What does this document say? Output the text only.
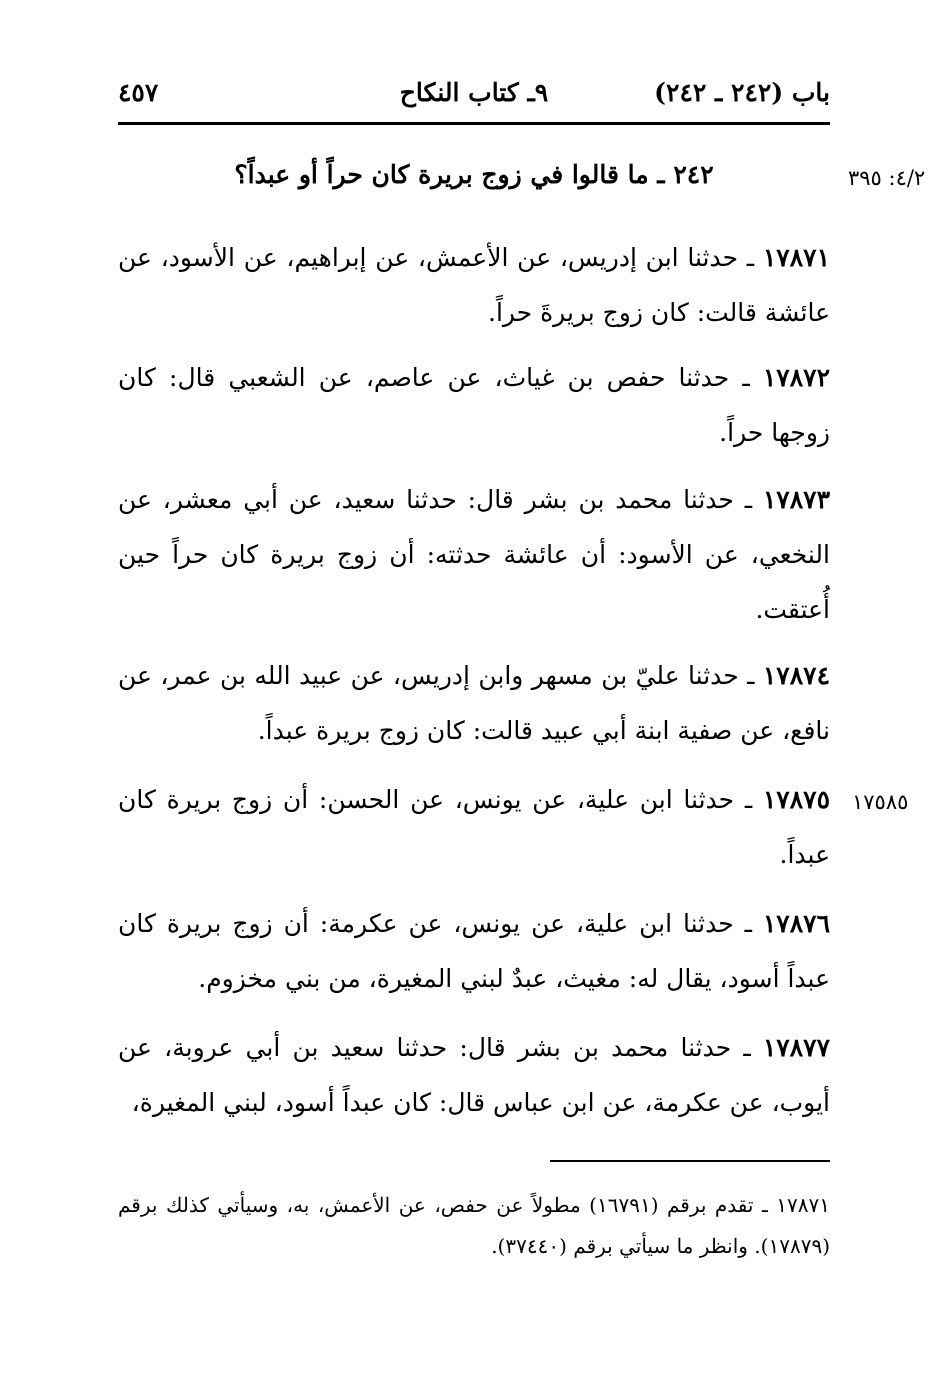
باب (٢٤٢ ـ ٢٤٢)
٩ـ كتاب النكاح
٤٥٧
٤/٢: ٣٩٥
٢٤٢ ـ ما قالوا في زوج بريرة كان حراً أو عبداً؟
١٧٨٧١ ـ حدثنا ابن إدريس، عن الأعمش، عن إبراهيم، عن الأسود، عن عائشة قالت: كان زوج بريرةَ حراً.
١٧٨٧٢ ـ حدثنا حفص بن غياث، عن عاصم، عن الشعبي قال: كان زوجها حراً.
١٧٨٧٣ ـ حدثنا محمد بن بشر قال: حدثنا سعيد، عن أبي معشر، عن النخعي، عن الأسود: أن عائشة حدثته: أن زوج بريرة كان حراً حين أُعتقت.
١٧٨٧٤ ـ حدثنا عليّ بن مسهر وابن إدريس، عن عبيد الله بن عمر، عن نافع، عن صفية ابنة أبي عبيد قالت: كان زوج بريرة عبداً.
١٧٥٨٥
١٧٨٧٥ ـ حدثنا ابن علية، عن يونس، عن الحسن: أن زوج بريرة كان عبداً.
١٧٨٧٦ ـ حدثنا ابن علية، عن يونس، عن عكرمة: أن زوج بريرة كان عبداً أسود، يقال له: مغيث، عبدٌ لبني المغيرة، من بني مخزوم.
١٧٨٧٧ ـ حدثنا محمد بن بشر قال: حدثنا سعيد بن أبي عروبة، عن أيوب، عن عكرمة، عن ابن عباس قال: كان عبداً أسود، لبني المغيرة،
١٧٨٧١ ـ تقدم برقم (١٦٧٩١) مطولاً عن حفص، عن الأعمش، به، وسيأتي كذلك برقم (١٧٨٧٩). وانظر ما سيأتي برقم (٣٧٤٤٠).
